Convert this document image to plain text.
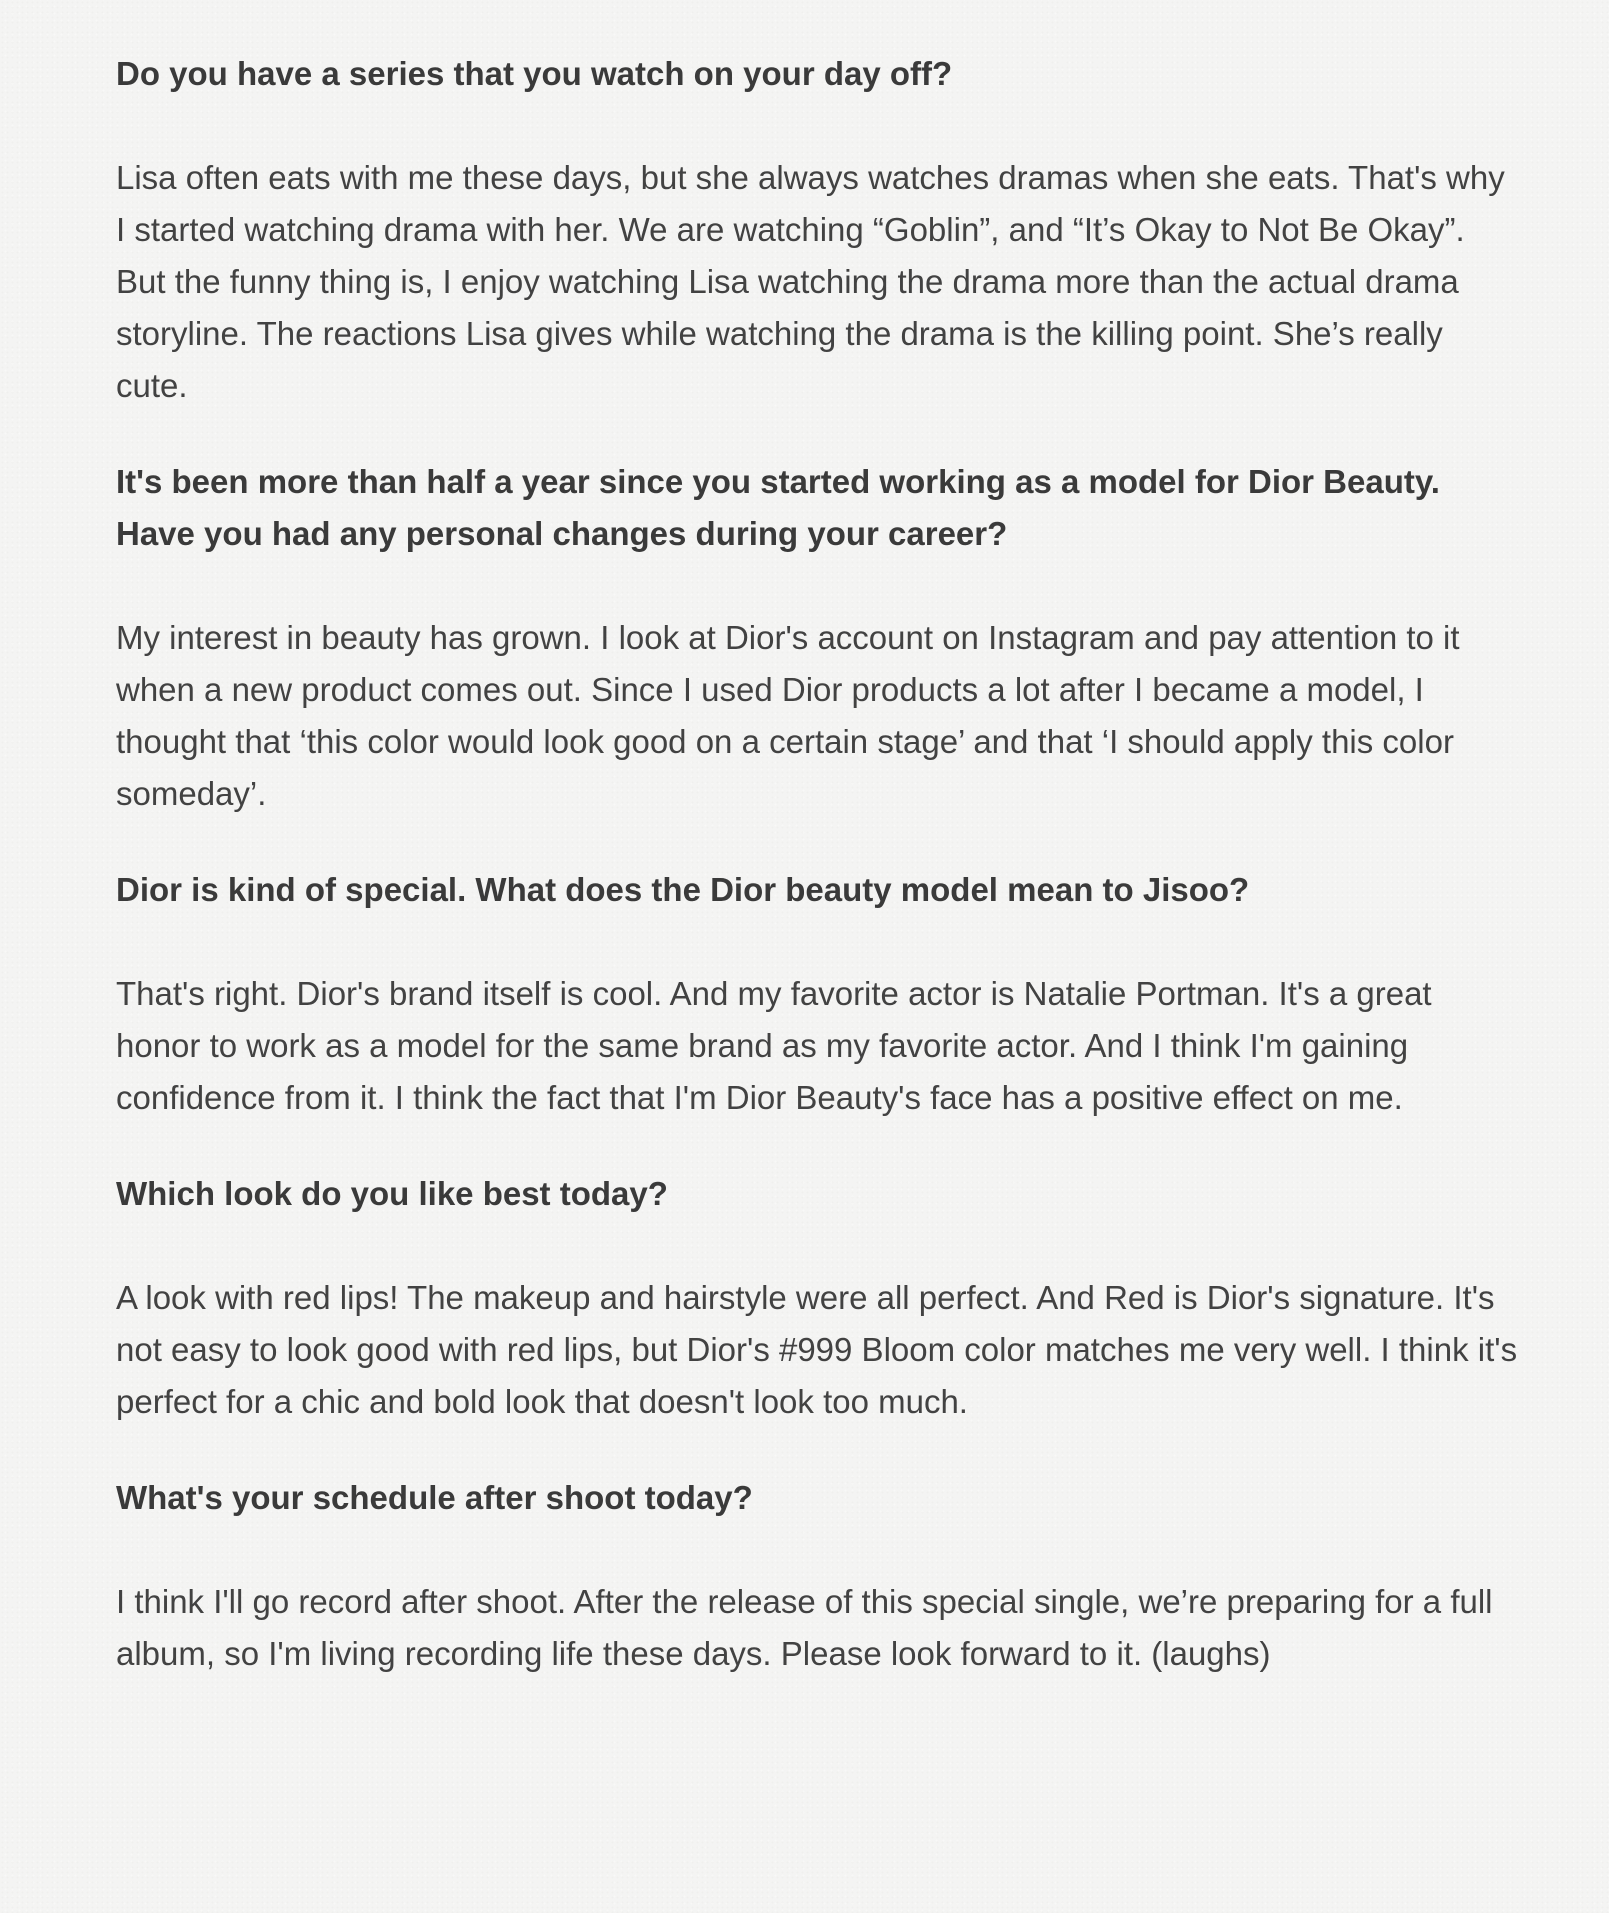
Do you have a series that you watch on your day off?

Lisa often eats with me these days, but she always watches dramas when she eats. That's why I started watching drama with her. We are watching “Goblin”, and “It’s Okay to Not Be Okay”. But the funny thing is, I enjoy watching Lisa watching the drama more than the actual drama storyline. The reactions Lisa gives while watching the drama is the killing point. She’s really cute.

It's been more than half a year since you started working as a model for Dior Beauty. Have you had any personal changes during your career?

My interest in beauty has grown. I look at Dior's account on Instagram and pay attention to it when a new product comes out. Since I used Dior products a lot after I became a model, I thought that ‘this color would look good on a certain stage’ and that ‘I should apply this color someday’.

Dior is kind of special. What does the Dior beauty model mean to Jisoo?

That's right. Dior's brand itself is cool. And my favorite actor is Natalie Portman. It's a great honor to work as a model for the same brand as my favorite actor. And I think I'm gaining confidence from it. I think the fact that I'm Dior Beauty's face has a positive effect on me.

Which look do you like best today?

A look with red lips! The makeup and hairstyle were all perfect. And Red is Dior's signature. It's not easy to look good with red lips, but Dior's #999 Bloom color matches me very well. I think it's perfect for a chic and bold look that doesn't look too much.

What's your schedule after shoot today?

I think I'll go record after shoot. After the release of this special single, we’re preparing for a full album, so I'm living recording life these days. Please look forward to it. (laughs)
